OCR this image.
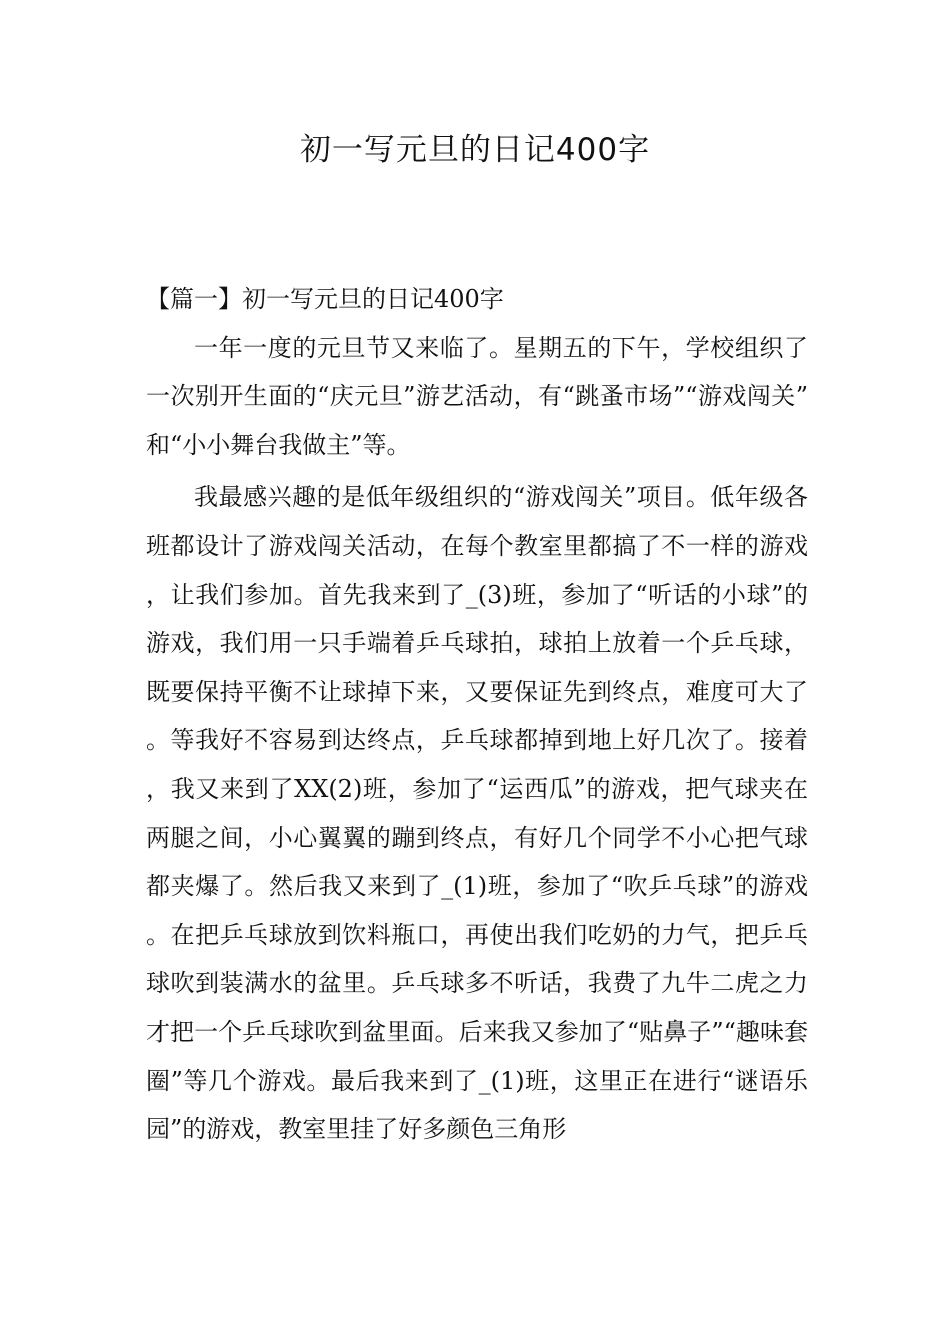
初一写元旦的日记400字
【篇一】初一写元旦的日记400字

一年一度的元旦节又来临了。星期五的下午，学校组织了一次别开生面的“庆元旦”游艺活动，有“跳蚤市场”“游戏闯关”和“小小舞台我做主”等。

我最感兴趣的是低年级组织的“游戏闯关”项目。低年级各班都设计了游戏闯关活动，在每个教室里都搞了不一样的游戏，让我们参加。首先我来到了_(3)班，参加了“听话的小球”的游戏，我们用一只手端着乒乓球拍，球拍上放着一个乒乓球，既要保持平衡不让球掉下来，又要保证先到终点，难度可大了。等我好不容易到达终点，乒乓球都掉到地上好几次了。接着，我又来到了XX(2)班，参加了“运西瓜”的游戏，把气球夹在两腿之间，小心翼翼的蹦到终点，有好几个同学不小心把气球都夹爆了。然后我又来到了_(1)班，参加了“吹乒乓球”的游戏。在把乒乓球放到饮料瓶口，再使出我们吃奶的力气，把乒乓球吹到装满水的盆里。乒乓球多不听话，我费了九牛二虎之力才把一个乒乓球吹到盆里面。后来我又参加了“贴鼻子”“趣味套圈”等几个游戏。最后我来到了_(1)班，这里正在进行“谜语乐园”的游戏，教室里挂了好多颜色三角形
